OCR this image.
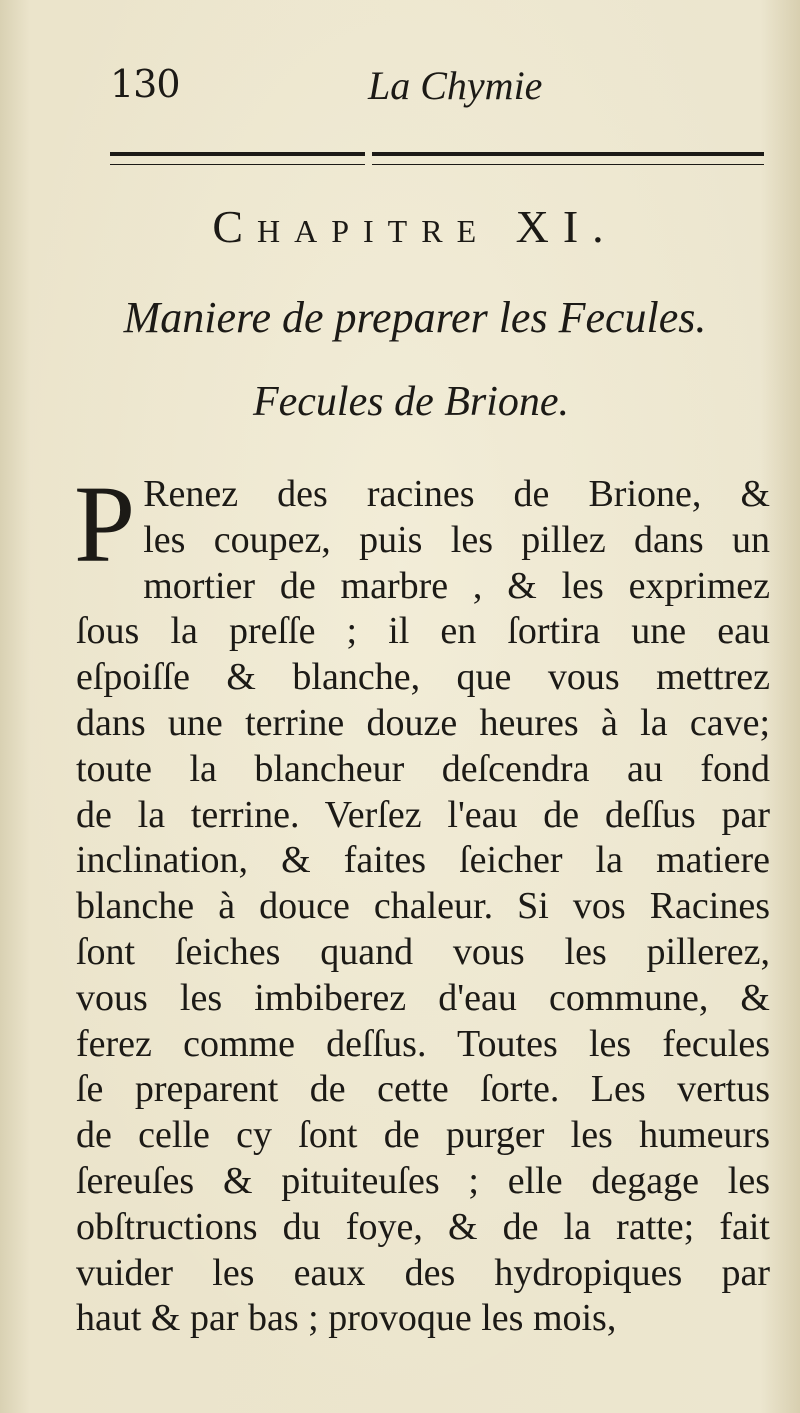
130	La Chymie
Chapitre XI.
Maniere de preparer les Fecules.
Fecules de Brione.
P Renez des racines de Brione, &
les coupez, puis les pillez dans un
mortier de marbre , & les exprimez
ſous la preſſe ; il en ſortira une eau
eſpoiſſe & blanche, que vous mettrez
dans une terrine douze heures à la cave;
toute la blancheur deſcendra au fond
de la terrine. Verſez l'eau de deſſus par
inclination, & faites ſeicher la matiere
blanche à douce chaleur. Si vos Racines
ſont ſeiches quand vous les pillerez,
vous les imbiberez d'eau commune, &
ferez comme deſſus. Toutes les fecules
ſe preparent de cette ſorte. Les vertus
de celle cy ſont de purger les humeurs
ſereuſes & pituiteuſes ; elle degage les
obſtructions du foye, & de la ratte; fait
vuider les eaux des hydropiques par
haut & par bas ; provoque les mois,
